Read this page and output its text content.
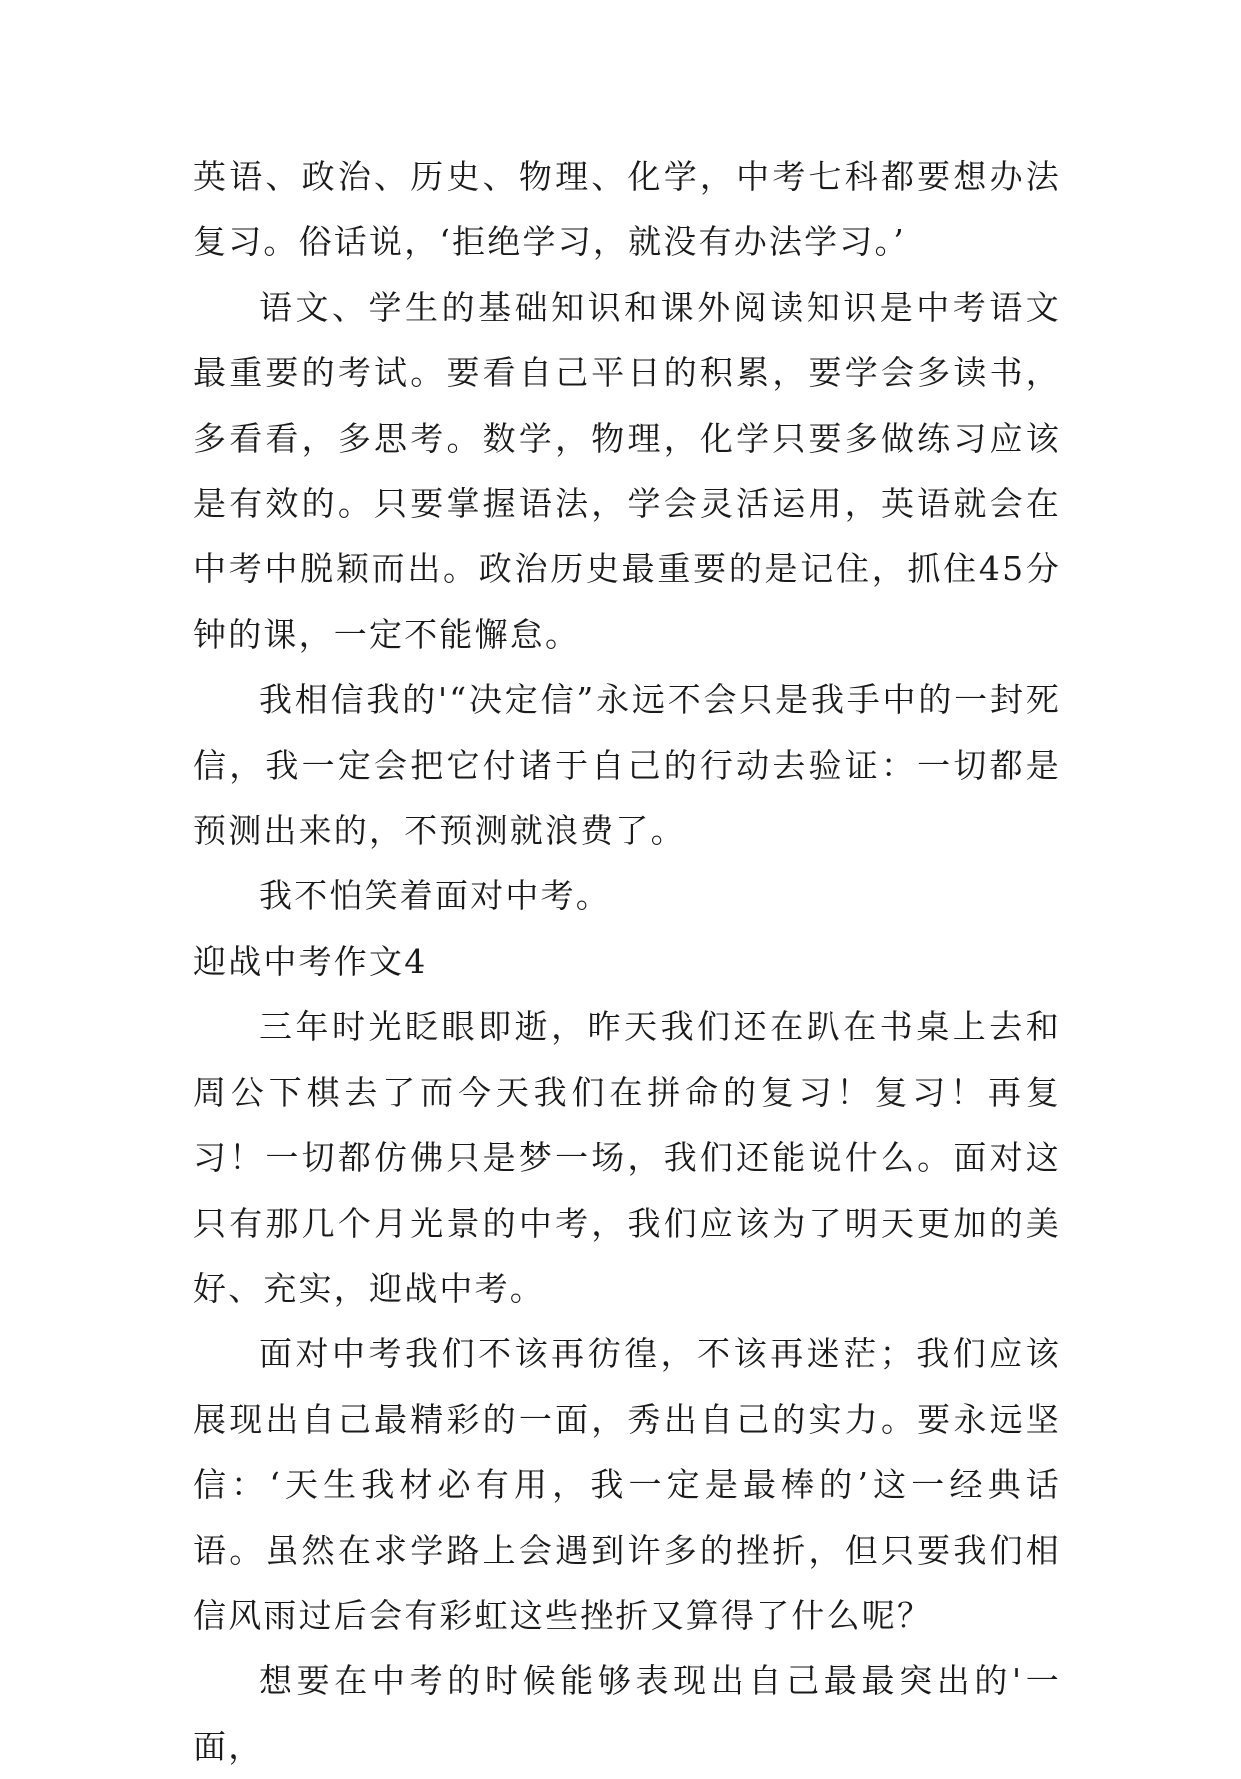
英语、政治、历史、物理、化学，中考七科都要想办法复习。俗话说，‘拒绝学习，就没有办法学习。’

语文、学生的基础知识和课外阅读知识是中考语文最重要的考试。要看自己平日的积累，要学会多读书，多看看，多思考。数学，物理，化学只要多做练习应该是有效的。只要掌握语法，学会灵活运用，英语就会在中考中脱颖而出。政治历史最重要的是记住，抓住45分钟的课，一定不能懈怠。

我相信我的'“决定信”永远不会只是我手中的一封死信，我一定会把它付诸于自己的行动去验证：一切都是预测出来的，不预测就浪费了。

我不怕笑着面对中考。

迎战中考作文4

三年时光眨眼即逝，昨天我们还在趴在书桌上去和周公下棋去了而今天我们在拼命的复习！复习！再复习！一切都仿佛只是梦一场，我们还能说什么。面对这只有那几个月光景的中考，我们应该为了明天更加的美好、充实，迎战中考。

面对中考我们不该再彷徨，不该再迷茫；我们应该展现出自己最精彩的一面，秀出自己的实力。要永远坚信：‘天生我材必有用，我一定是最棒的’这一经典话语。虽然在求学路上会遇到许多的挫折，但只要我们相信风雨过后会有彩虹这些挫折又算得了什么呢？

想要在中考的时候能够表现出自己最最突出的'一面，
